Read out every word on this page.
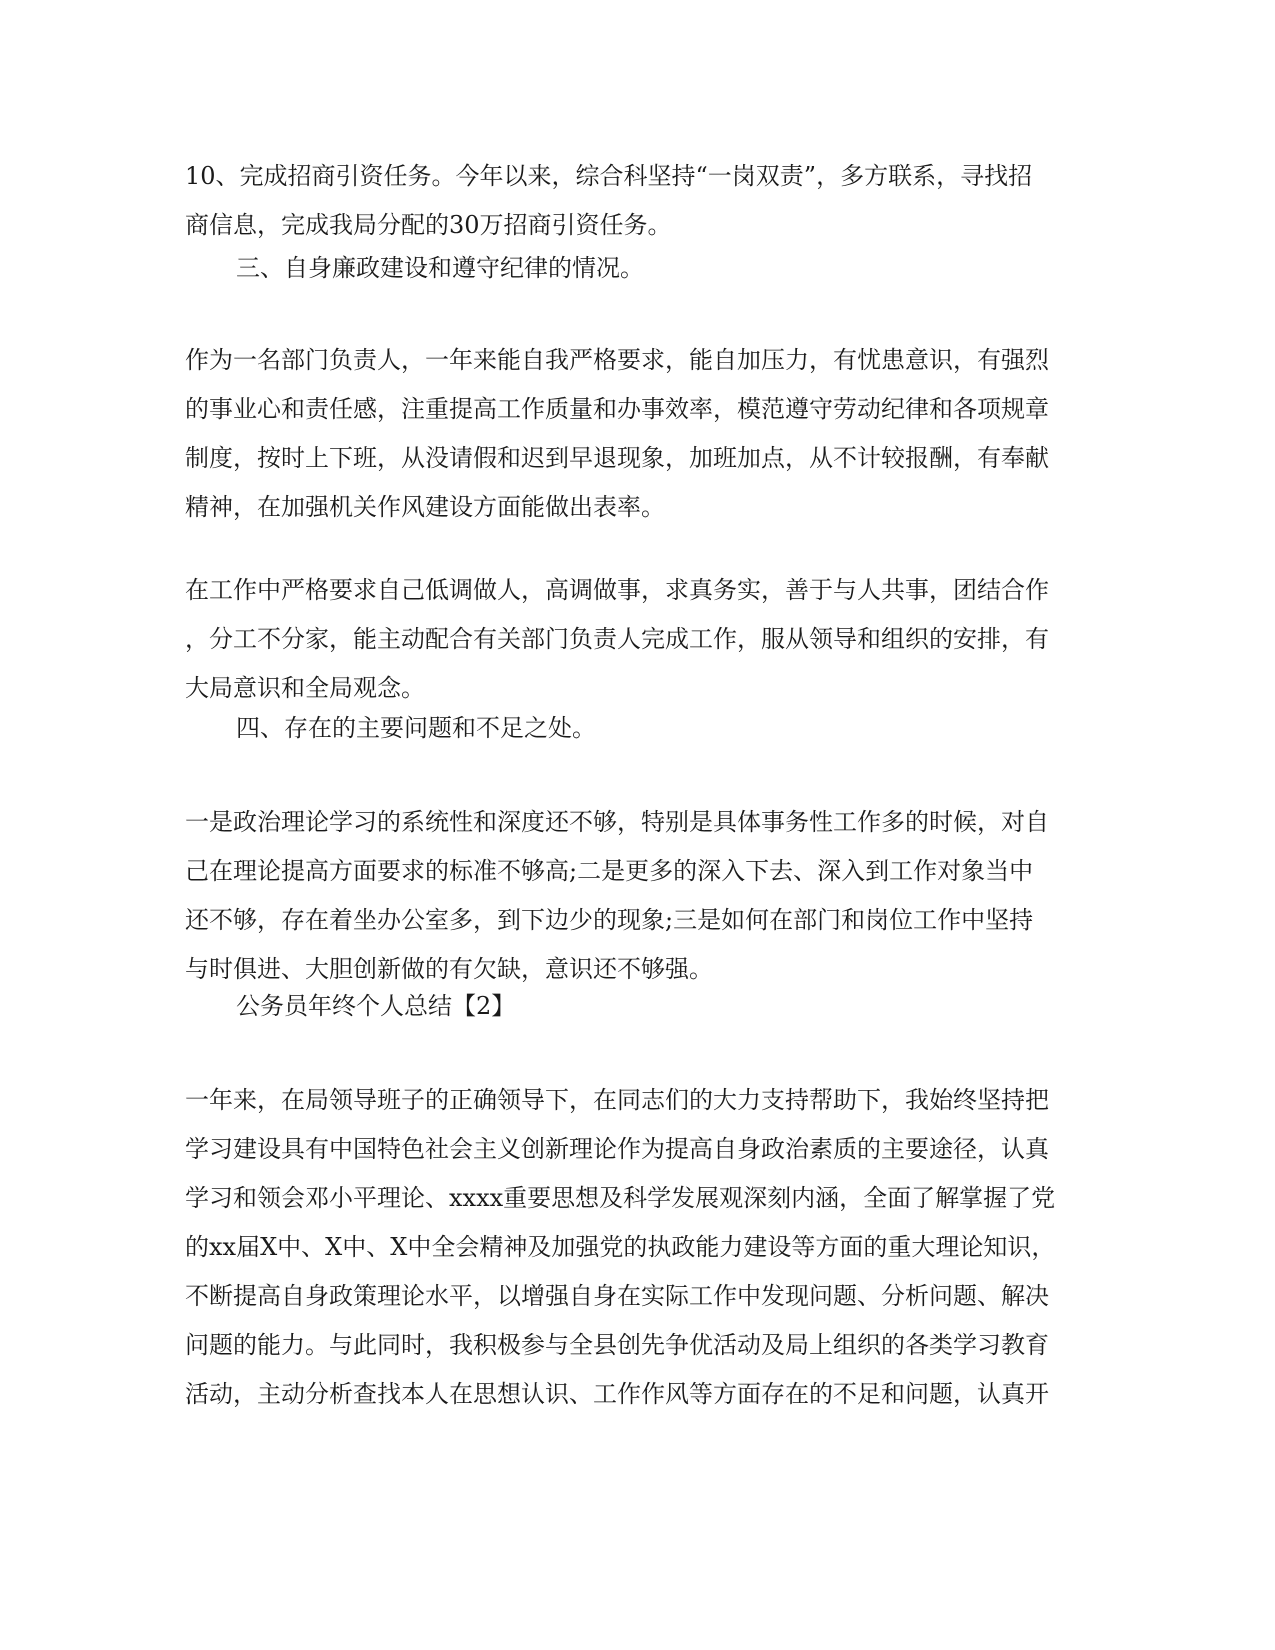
10、完成招商引资任务。今年以来，综合科坚持“一岗双责”，多方联系，寻找招
商信息，完成我局分配的30万招商引资任务。
三、自身廉政建设和遵守纪律的情况。
作为一名部门负责人，一年来能自我严格要求，能自加压力，有忧患意识，有强烈
的事业心和责任感，注重提高工作质量和办事效率，模范遵守劳动纪律和各项规章
制度，按时上下班，从没请假和迟到早退现象，加班加点，从不计较报酬，有奉献
精神，在加强机关作风建设方面能做出表率。
在工作中严格要求自己低调做人，高调做事，求真务实，善于与人共事，团结合作
，分工不分家，能主动配合有关部门负责人完成工作，服从领导和组织的安排，有
大局意识和全局观念。
四、存在的主要问题和不足之处。
一是政治理论学习的系统性和深度还不够，特别是具体事务性工作多的时候，对自
己在理论提高方面要求的标准不够高;二是更多的深入下去、深入到工作对象当中
还不够，存在着坐办公室多，到下边少的现象;三是如何在部门和岗位工作中坚持
与时俱进、大胆创新做的有欠缺，意识还不够强。
公务员年终个人总结【2】
一年来，在局领导班子的正确领导下，在同志们的大力支持帮助下，我始终坚持把
学习建设具有中国特色社会主义创新理论作为提高自身政治素质的主要途径，认真
学习和领会邓小平理论、xxxx重要思想及科学发展观深刻内涵，全面了解掌握了党
的xx届X中、X中、X中全会精神及加强党的执政能力建设等方面的重大理论知识，
不断提高自身政策理论水平，以增强自身在实际工作中发现问题、分析问题、解决
问题的能力。与此同时，我积极参与全县创先争优活动及局上组织的各类学习教育
活动，主动分析查找本人在思想认识、工作作风等方面存在的不足和问题，认真开
